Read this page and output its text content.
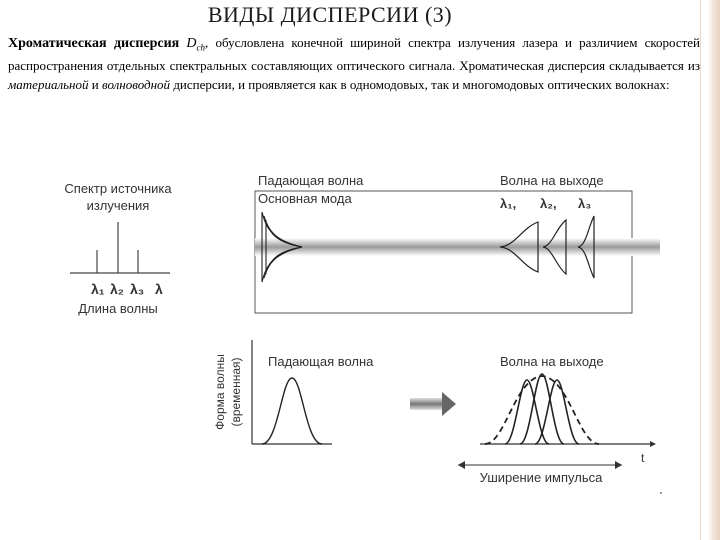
ВИДЫ ДИСПЕРСИИ (3)
Хроматическая дисперсия $D_{ch}$, обусловлена конечной шириной спектра излучения лазера и различием скоростей распространения отдельных спектральных составляющих оптического сигнала. Хроматическая дисперсия складывается из материальной и волноводной дисперсии, и проявляется как в одномодовых, так и многомодовых оптических волокнах:
Спектр источника
излучения
λ₁ λ₂ λ₃ λ
Длина волны
Падающая волна
Основная мода
Волна на выходе
λ₁, λ₂, λ₃
Форма волны (временная) Падающая волна	Волна на выходе
t
Уширение импульса
